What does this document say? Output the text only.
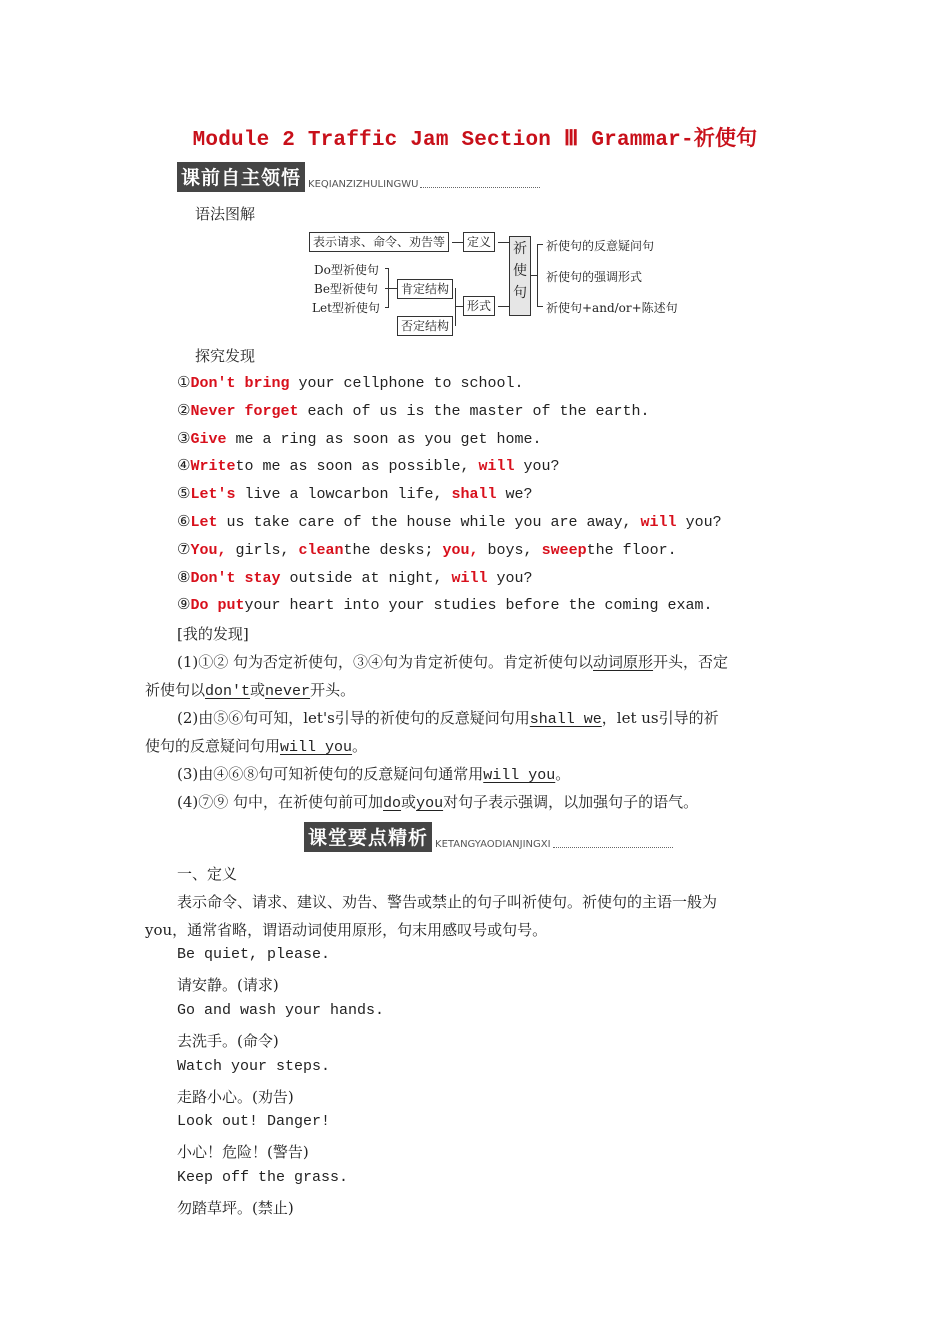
Module 2 Traffic Jam Section Ⅲ Grammar-祈使句
课前自主领悟 KEQIANZIZHULINGWU
语法图解
表示请求、命令、劝告等	定义
Do型祈使句
Be型祈使句
Let型祈使句
肯定结构
否定结构
形式
祈使句
祈使句的反意疑问句
祈使句的强调形式
祈使句+and/or+陈述句
探究发现
①Don't bring your cellphone to school.
②Never forget each of us is the master of the earth.
③Give me a ring as soon as you get home.
④Writeto me as soon as possible, will you?
⑤Let's live a lowcarbon life, shall we?
⑥Let us take care of the house while you are away, will you?
⑦You, girls, cleanthe desks; you, boys, sweepthe floor.
⑧Don't stay outside at night, will you?
⑨Do putyour heart into your studies before the coming exam.
[我的发现]
(1)①② 句为否定祈使句，③④句为肯定祈使句。肯定祈使句以动词原形开头，否定
祈使句以don't或never开头。
(2)由⑤⑥句可知，let's引导的祈使句的反意疑问句用shall we，let us引导的祈
使句的反意疑问句用will you。
(3)由④⑥⑧句可知祈使句的反意疑问句通常用will you。
(4)⑦⑨ 句中，在祈使句前可加do或you对句子表示强调，以加强句子的语气。
课堂要点精析 KETANGYAODIANJINGXI
一、定义
表示命令、请求、建议、劝告、警告或禁止的句子叫祈使句。祈使句的主语一般为
you，通常省略，谓语动词使用原形，句末用感叹号或句号。
Be quiet, please.
请安静。(请求)
Go and wash your hands.
去洗手。(命令)
Watch your steps.
走路小心。(劝告)
Look out! Danger!
小心！危险！(警告)
Keep off the grass.
勿踏草坪。(禁止)
